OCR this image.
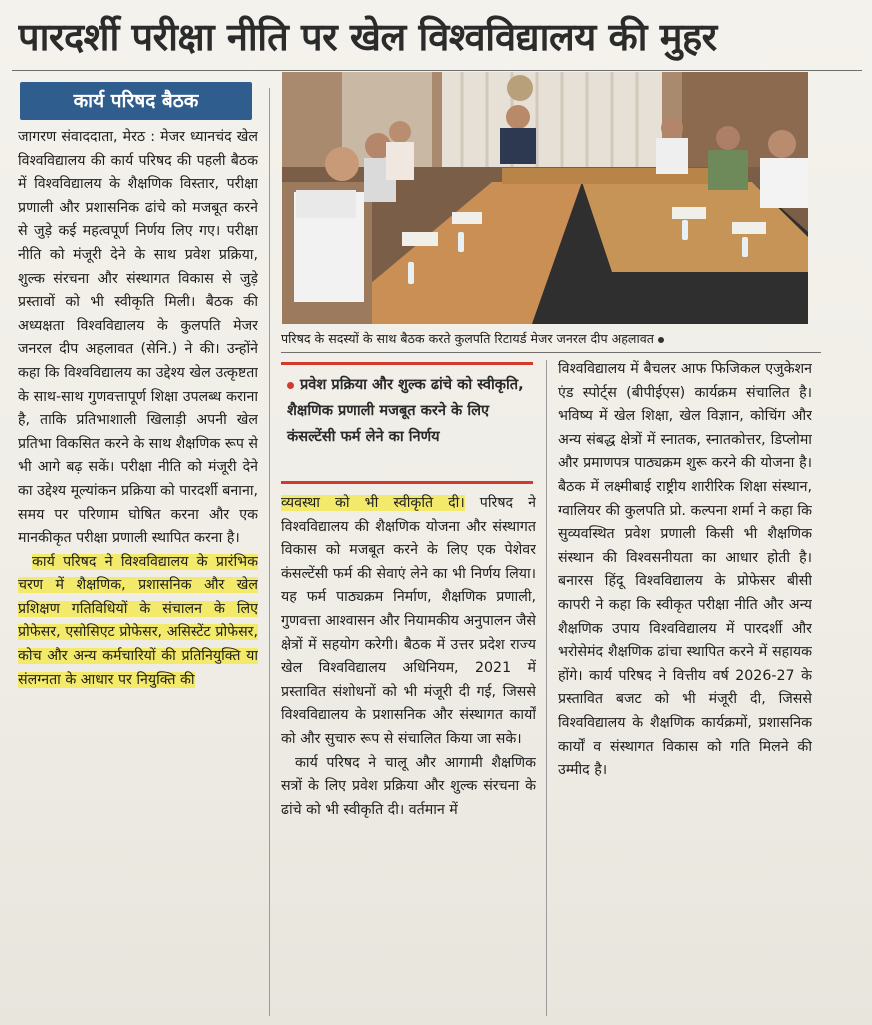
पारदर्शी परीक्षा नीति पर खेल विश्वविद्यालय की मुहर
कार्य परिषद बैठक

जागरण संवाददाता, मेरठ : मेजर ध्यानचंद खेल विश्वविद्यालय की कार्य परिषद की पहली बैठक में विश्वविद्यालय के शैक्षणिक विस्तार, परीक्षा प्रणाली और प्रशासनिक ढांचे को मजबूत करने से जुड़े कई महत्वपूर्ण निर्णय लिए गए। परीक्षा नीति को मंजूरी देने के साथ प्रवेश प्रक्रिया, शुल्क संरचना और संस्थागत विकास से जुड़े प्रस्तावों को भी स्वीकृति मिली। बैठक की अध्यक्षता विश्वविद्यालय के कुलपति मेजर जनरल दीप अहलावत (सेनि.) ने की। उन्होंने कहा कि विश्वविद्यालय का उद्देश्य खेल उत्कृष्टता के साथ-साथ गुणवत्तापूर्ण शिक्षा उपलब्ध कराना है, ताकि प्रतिभाशाली खिलाड़ी अपनी खेल प्रतिभा विकसित करने के साथ शैक्षणिक रूप से भी आगे बढ़ सकें। परीक्षा नीति को मंजूरी देने का उद्देश्य मूल्यांकन प्रक्रिया को पारदर्शी बनाना, समय पर परिणाम घोषित करना और एक मानकीकृत परीक्षा प्रणाली स्थापित करना है।

कार्य परिषद ने विश्वविद्यालय के प्रारंभिक चरण में शैक्षणिक, प्रशासनिक और खेल प्रशिक्षण गतिविधियों के संचालन के लिए प्रोफेसर, एसोसिएट प्रोफेसर, असिस्टेंट प्रोफेसर, कोच और अन्य कर्मचारियों की प्रतिनियुक्ति या संलग्नता के आधार पर नियुक्ति की

परिषद के सदस्यों के साथ बैठक करते कुलपति रिटायर्ड मेजर जनरल दीप अहलावत
प्रवेश प्रक्रिया और शुल्क ढांचे को स्वीकृति, शैक्षणिक प्रणाली मजबूत करने के लिए कंसल्टेंसी फर्म लेने का निर्णय

व्यवस्था को भी स्वीकृति दी। परिषद ने विश्वविद्यालय की शैक्षणिक योजना और संस्थागत विकास को मजबूत करने के लिए एक पेशेवर कंसल्टेंसी फर्म की सेवाएं लेने का भी निर्णय लिया। यह फर्म पाठ्यक्रम निर्माण, शैक्षणिक प्रणाली, गुणवत्ता आश्वासन और नियामकीय अनुपालन जैसे क्षेत्रों में सहयोग करेगी। बैठक में उत्तर प्रदेश राज्य खेल विश्वविद्यालय अधिनियम, 2021 में प्रस्तावित संशोधनों को भी मंजूरी दी गई, जिससे विश्वविद्यालय के प्रशासनिक और संस्थागत कार्यों को और सुचारु रूप से संचालित किया जा सके।

कार्य परिषद ने चालू और आगामी शैक्षणिक सत्रों के लिए प्रवेश प्रक्रिया और शुल्क संरचना के ढांचे को भी स्वीकृति दी। वर्तमान में

विश्वविद्यालय में बैचलर आफ फिजिकल एजुकेशन एंड स्पोर्ट्स (बीपीईएस) कार्यक्रम संचालित है। भविष्य में खेल शिक्षा, खेल विज्ञान, कोचिंग और अन्य संबद्ध क्षेत्रों में स्नातक, स्नातकोत्तर, डिप्लोमा और प्रमाणपत्र पाठ्यक्रम शुरू करने की योजना है। बैठक में लक्ष्मीबाई राष्ट्रीय शारीरिक शिक्षा संस्थान, ग्वालियर की कुलपति प्रो. कल्पना शर्मा ने कहा कि सुव्यवस्थित प्रवेश प्रणाली किसी भी शैक्षणिक संस्थान की विश्वसनीयता का आधार होती है। बनारस हिंदू विश्वविद्यालय के प्रोफेसर बीसी कापरी ने कहा कि स्वीकृत परीक्षा नीति और अन्य शैक्षणिक उपाय विश्वविद्यालय में पारदर्शी और भरोसेमंद शैक्षणिक ढांचा स्थापित करने में सहायक होंगे। कार्य परिषद ने वित्तीय वर्ष 2026-27 के प्रस्तावित बजट को भी मंजूरी दी, जिससे विश्वविद्यालय के शैक्षणिक कार्यक्रमों, प्रशासनिक कार्यों व संस्थागत विकास को गति मिलने की उम्मीद है।
